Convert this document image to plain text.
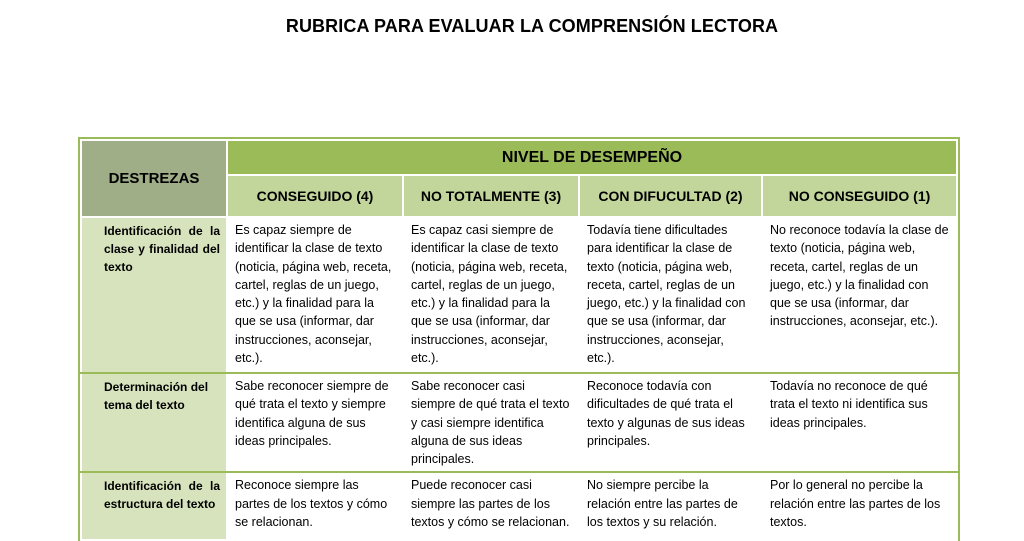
RUBRICA PARA EVALUAR LA COMPRENSIÓN LECTORA
DESTREZAS	NIVEL DE DESEMPEÑO			
	CONSEGUIDO (4)	NO TOTALMENTE (3)	CON DIFUCULTAD (2)	NO CONSEGUIDO (1)
Identificación de la clase y finalidad del texto	Es capaz siempre de identificar la clase de texto (noticia, página web, receta, cartel, reglas de un juego, etc.) y la finalidad para la que se usa (informar, dar instrucciones, aconsejar, etc.).	Es capaz casi siempre de identificar la clase de texto (noticia, página web, receta, cartel, reglas de un juego, etc.) y la finalidad para la que se usa (informar, dar instrucciones, aconsejar, etc.).	Todavía tiene dificultades para identificar la clase de texto (noticia, página web, receta, cartel, reglas de un juego, etc.) y la finalidad con que se usa (informar, dar instrucciones, aconsejar, etc.).	No reconoce todavía la clase de texto (noticia, página web, receta, cartel, reglas de un juego, etc.) y la finalidad con que se usa (informar, dar instrucciones, aconsejar, etc.).
Determinación del tema del texto	Sabe reconocer siempre de qué trata el texto y siempre identifica alguna de sus ideas principales.	Sabe reconocer casi siempre de qué trata el texto y casi siempre identifica alguna de sus ideas principales.	Reconoce todavía con dificultades de qué trata el texto y algunas de sus ideas principales.	Todavía no reconoce de qué trata el texto ni identifica sus ideas principales.
Identificación de la estructura del texto	Reconoce siempre las partes de los textos y cómo se relacionan.	Puede reconocer casi siempre las partes de los textos y cómo se relacionan.	No siempre percibe la relación entre las partes de los textos y su relación.	Por lo general no percibe la relación entre las partes de los textos.
